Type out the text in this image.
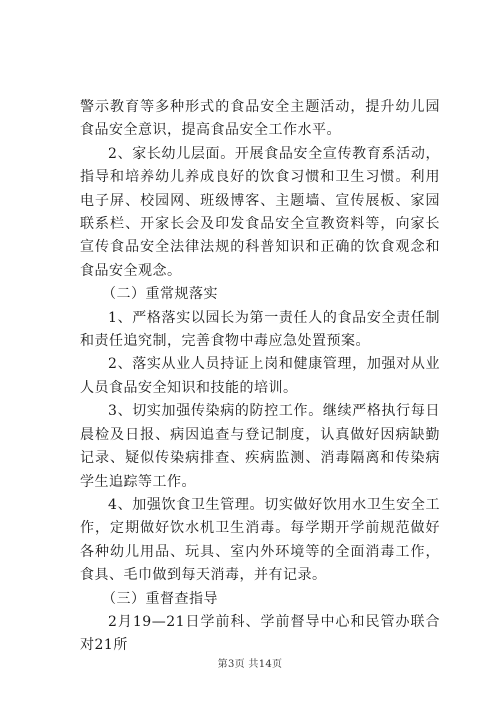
警示教育等多种形式的食品安全主题活动，提升幼儿园食品安全意识，提高食品安全工作水平。

2、家长幼儿层面。开展食品安全宣传教育系活动，指导和培养幼儿养成良好的饮食习惯和卫生习惯。利用电子屏、校园网、班级博客、主题墙、宣传展板、家园联系栏、开家长会及印发食品安全宣教资料等，向家长宣传食品安全法律法规的科普知识和正确的饮食观念和食品安全观念。

（二）重常规落实

1、严格落实以园长为第一责任人的食品安全责任制和责任追究制，完善食物中毒应急处置预案。

2、落实从业人员持证上岗和健康管理，加强对从业人员食品安全知识和技能的培训。

3、切实加强传染病的防控工作。继续严格执行每日晨检及日报、病因追查与登记制度，认真做好因病缺勤记录、疑似传染病排查、疾病监测、消毒隔离和传染病学生追踪等工作。

4、加强饮食卫生管理。切实做好饮用水卫生安全工作，定期做好饮水机卫生消毒。每学期开学前规范做好各种幼儿用品、玩具、室内外环境等的全面消毒工作，食具、毛巾做到每天消毒，并有记录。

（三）重督查指导

2月19—21日学前科、学前督导中心和民管办联合对21所

第3页 共14页
